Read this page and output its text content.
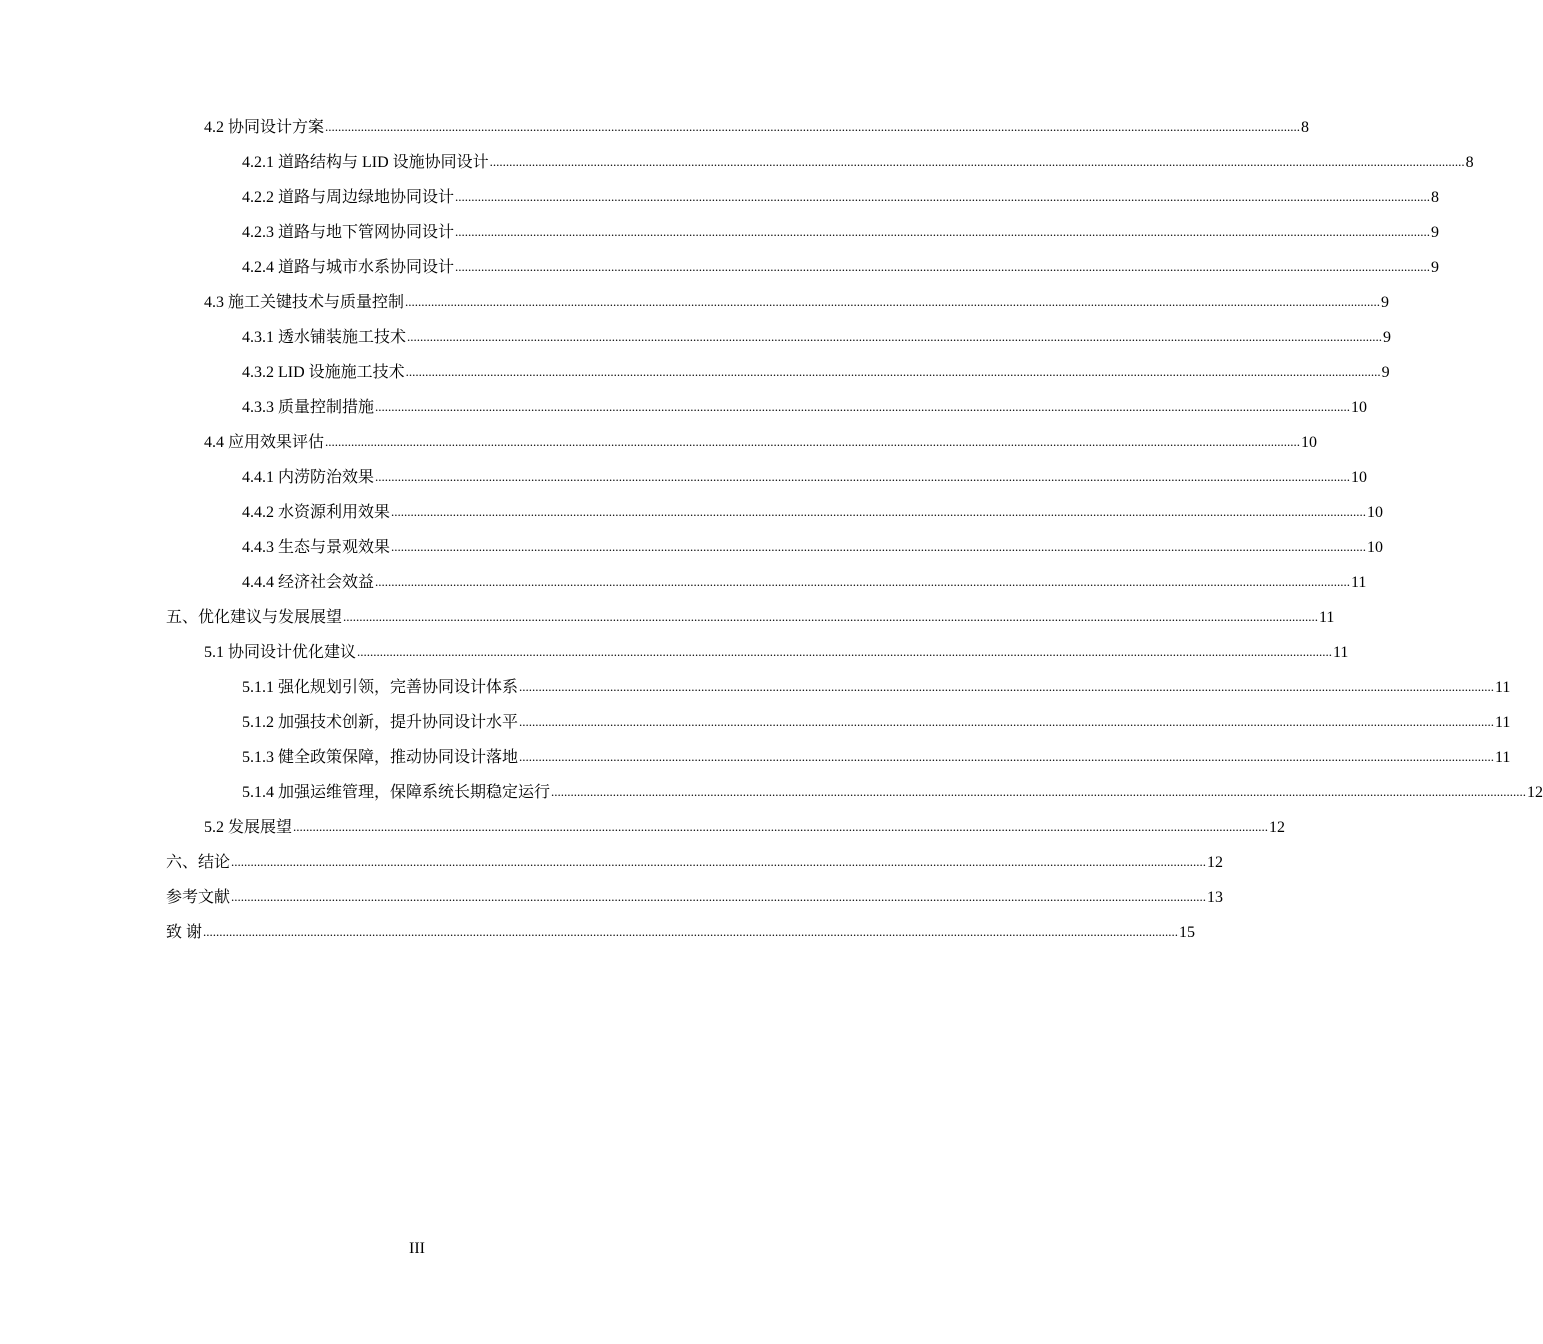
4.2 协同设计方案 ............................................................................................................................................................................................................................................................................................................ 8
4.2.1 道路结构与 LID 设施协同设计 ............................................................................................................................................................................................................................................................................................................ 8
4.2.2 道路与周边绿地协同设计 ............................................................................................................................................................................................................................................................................................................ 8
4.2.3 道路与地下管网协同设计 ............................................................................................................................................................................................................................................................................................................ 9
4.2.4 道路与城市水系协同设计 ............................................................................................................................................................................................................................................................................................................ 9
4.3 施工关键技术与质量控制 ............................................................................................................................................................................................................................................................................................................ 9
4.3.1 透水铺装施工技术 ............................................................................................................................................................................................................................................................................................................ 9
4.3.2 LID 设施施工技术 ............................................................................................................................................................................................................................................................................................................ 9
4.3.3 质量控制措施 ............................................................................................................................................................................................................................................................................................................ 10
4.4 应用效果评估 ............................................................................................................................................................................................................................................................................................................ 10
4.4.1 内涝防治效果 ............................................................................................................................................................................................................................................................................................................ 10
4.4.2 水资源利用效果 ............................................................................................................................................................................................................................................................................................................ 10
4.4.3 生态与景观效果 ............................................................................................................................................................................................................................................................................................................ 10
4.4.4 经济社会效益 ............................................................................................................................................................................................................................................................................................................ 11
五、优化建议与发展展望 ............................................................................................................................................................................................................................................................................................................ 11
5.1 协同设计优化建议 ............................................................................................................................................................................................................................................................................................................ 11
5.1.1 强化规划引领，完善协同设计体系 ............................................................................................................................................................................................................................................................................................................ 11
5.1.2 加强技术创新，提升协同设计水平 ............................................................................................................................................................................................................................................................................................................ 11
5.1.3 健全政策保障，推动协同设计落地 ............................................................................................................................................................................................................................................................................................................ 11
5.1.4 加强运维管理，保障系统长期稳定运行 ............................................................................................................................................................................................................................................................................................................ 12
5.2 发展展望 ............................................................................................................................................................................................................................................................................................................ 12
六、结论 ............................................................................................................................................................................................................................................................................................................ 12
参考文献 ............................................................................................................................................................................................................................................................................................................ 13
致 谢 ............................................................................................................................................................................................................................................................................................................ 15
III
